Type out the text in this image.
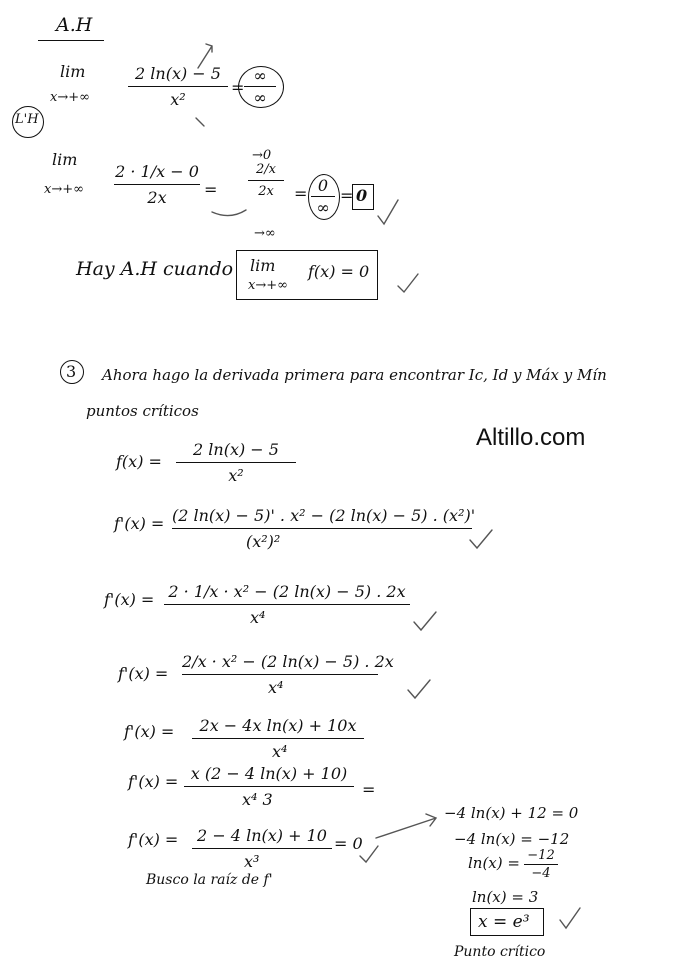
A.H
lim
x→+∞
2 ln(x) − 5
x²
=
∞
∞
L'H
lim
x→+∞
2 · 1/x − 0
2x	=
→0
2/x
2x
→∞
= 0
∞
= 0
Hay A.H cuando lim
x→+∞
f(x) = 0
3 Ahora hago la derivada primera para encontrar Ic, Id y Máx y Mín
puntos críticos
Altillo.com
f(x) =
2 ln(x) − 5
x²
f'(x) = (2 ln(x) − 5)' . x² − (2 ln(x) − 5) . (x²)'
(x²)²
f'(x) = 2 · 1/x · x² − (2 ln(x) − 5) . 2x
x⁴
f'(x) =
2/x · x² − (2 ln(x) − 5) . 2x
x⁴
f'(x) =	2x − 4x ln(x) + 10x
x⁴
f'(x) = x (2 − 4 ln(x) + 10)
x⁴ 3
=
f'(x) =	2 − 4 ln(x) + 10
x³
= 0
Busco la raíz de f'
−4 ln(x) + 12 = 0
−4 ln(x) = −12
ln(x) = −12
−4
ln(x) = 3
x = e³
Punto crítico
